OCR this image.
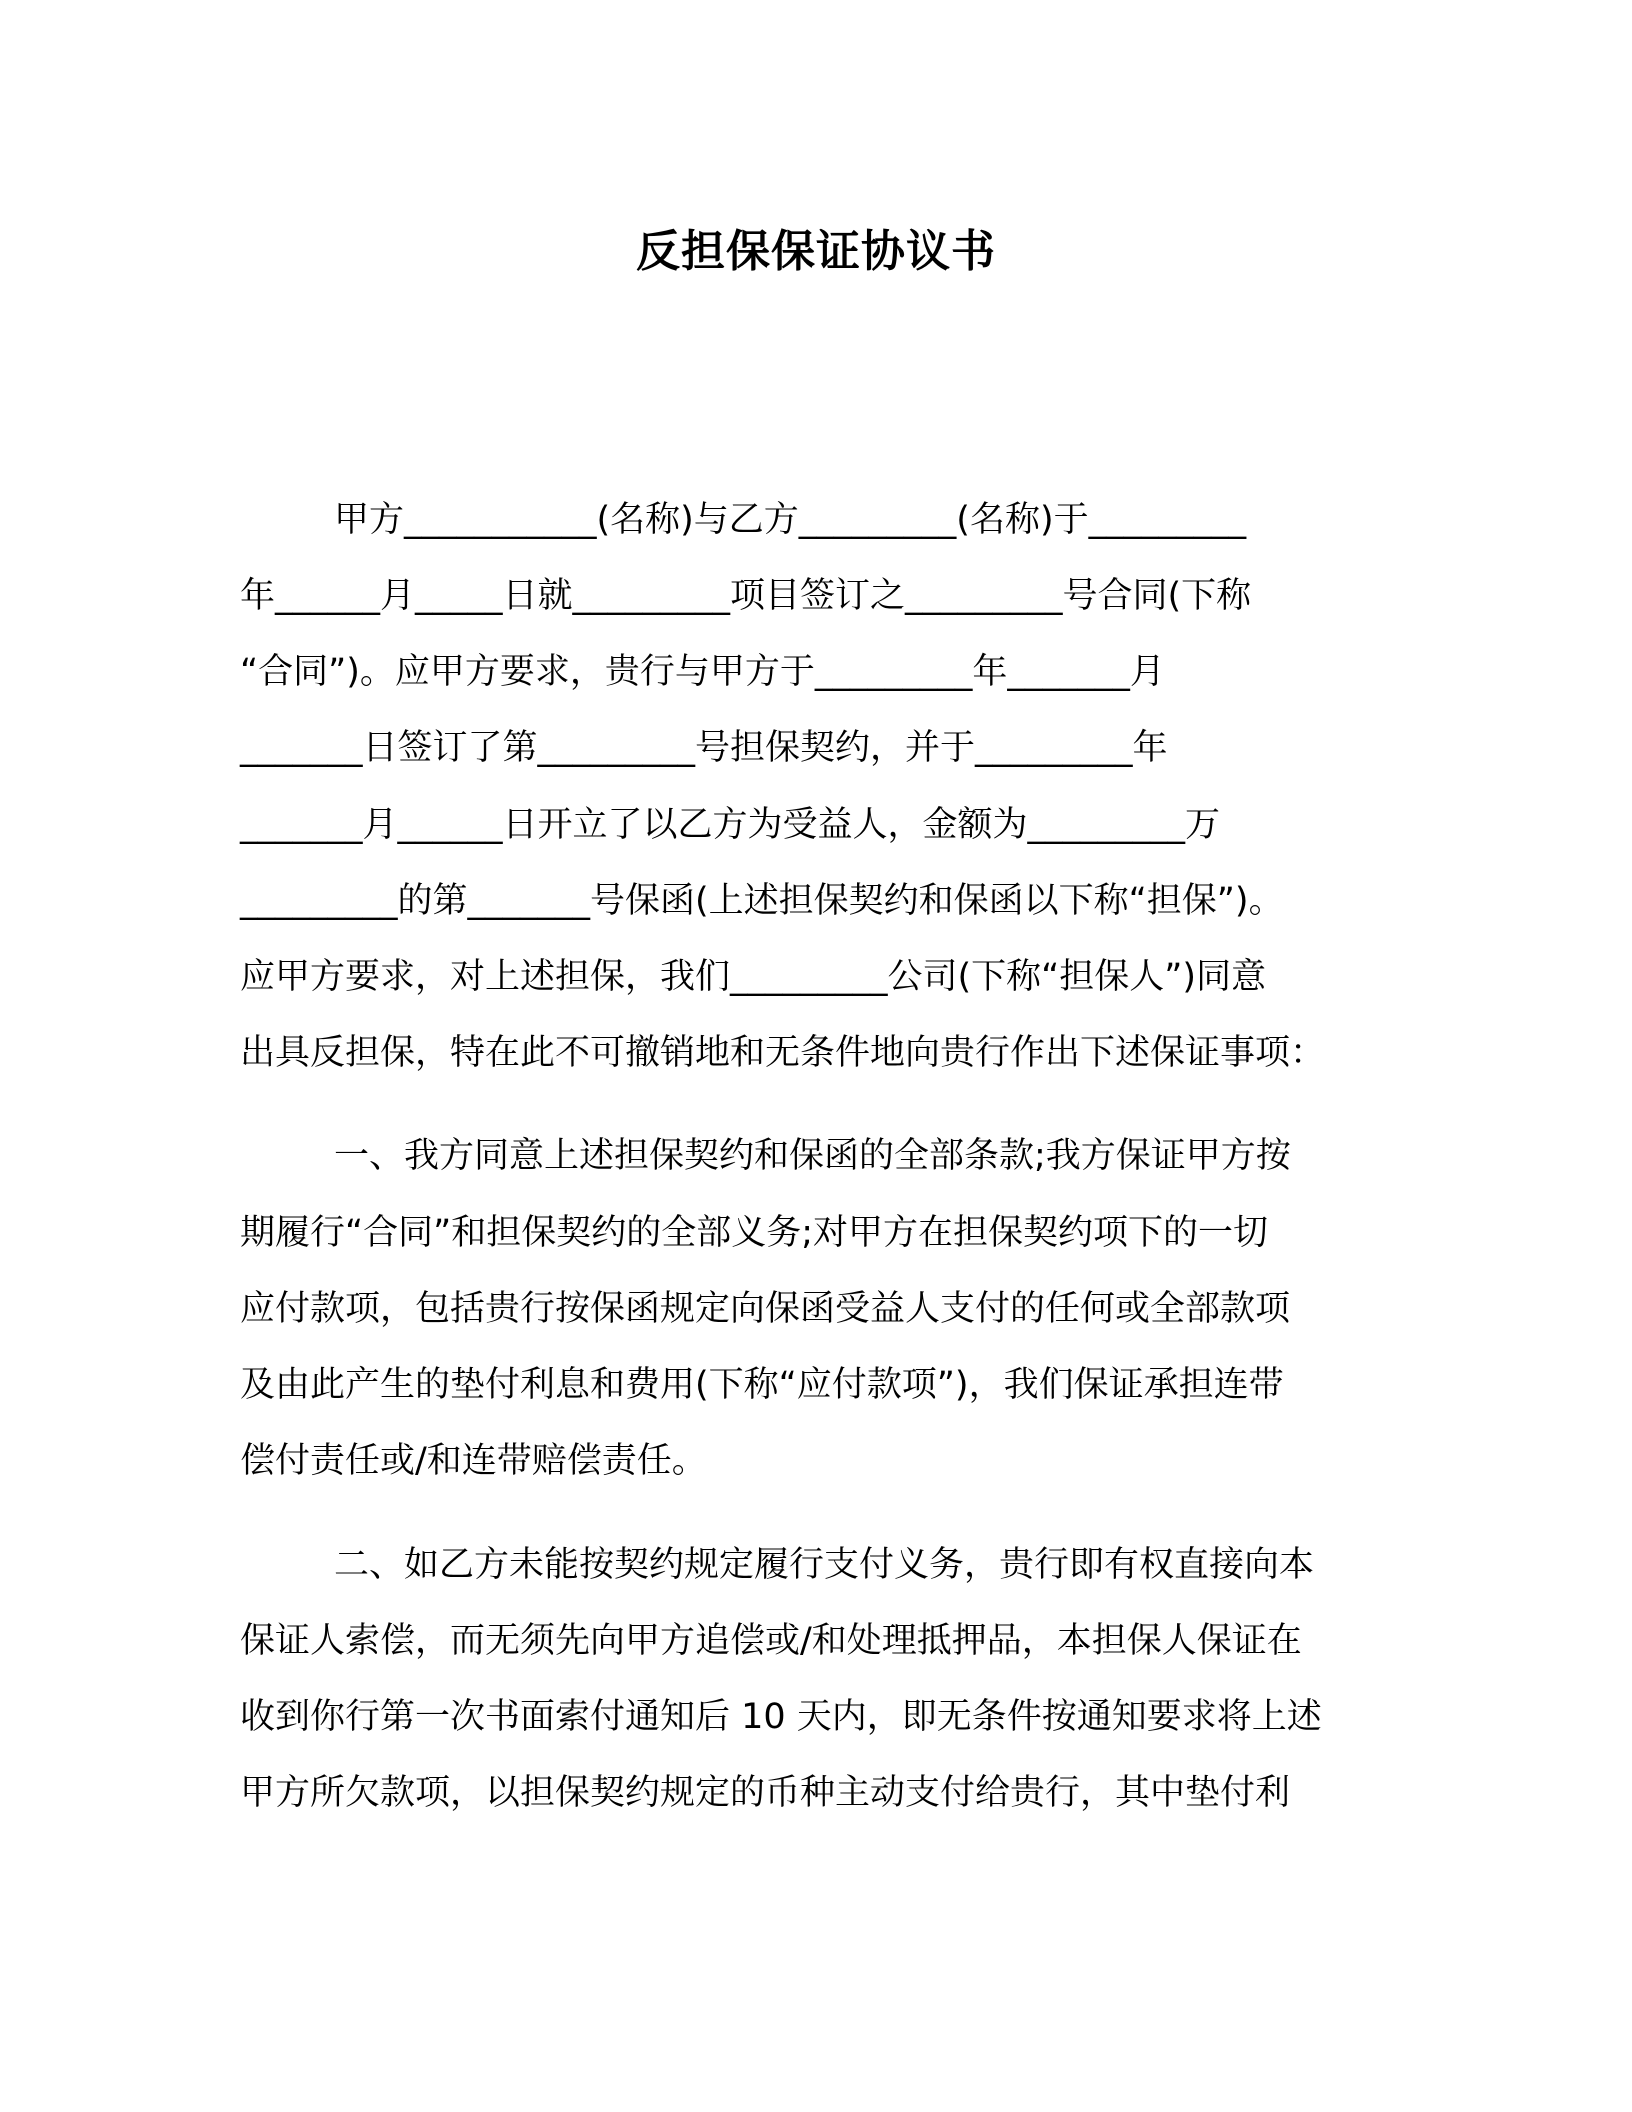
反担保保证协议书
甲方___________(名称)与乙方_________(名称)于_________
年______月_____日就_________项目签订之_________号合同(下称
“合同”)。应甲方要求，贵行与甲方于_________年_______月
_______日签订了第_________号担保契约，并于_________年
_______月______日开立了以乙方为受益人，金额为_________万
_________的第_______号保函(上述担保契约和保函以下称“担保”)。
应甲方要求，对上述担保，我们_________公司(下称“担保人”)同意
出具反担保，特在此不可撤销地和无条件地向贵行作出下述保证事项：
一、我方同意上述担保契约和保函的全部条款;我方保证甲方按
期履行“合同”和担保契约的全部义务;对甲方在担保契约项下的一切
应付款项，包括贵行按保函规定向保函受益人支付的任何或全部款项
及由此产生的垫付利息和费用(下称“应付款项”)，我们保证承担连带
偿付责任或/和连带赔偿责任。
二、如乙方未能按契约规定履行支付义务，贵行即有权直接向本
保证人索偿，而无须先向甲方追偿或/和处理抵押品，本担保人保证在
收到你行第一次书面索付通知后 10 天内，即无条件按通知要求将上述
甲方所欠款项，以担保契约规定的币种主动支付给贵行，其中垫付利
